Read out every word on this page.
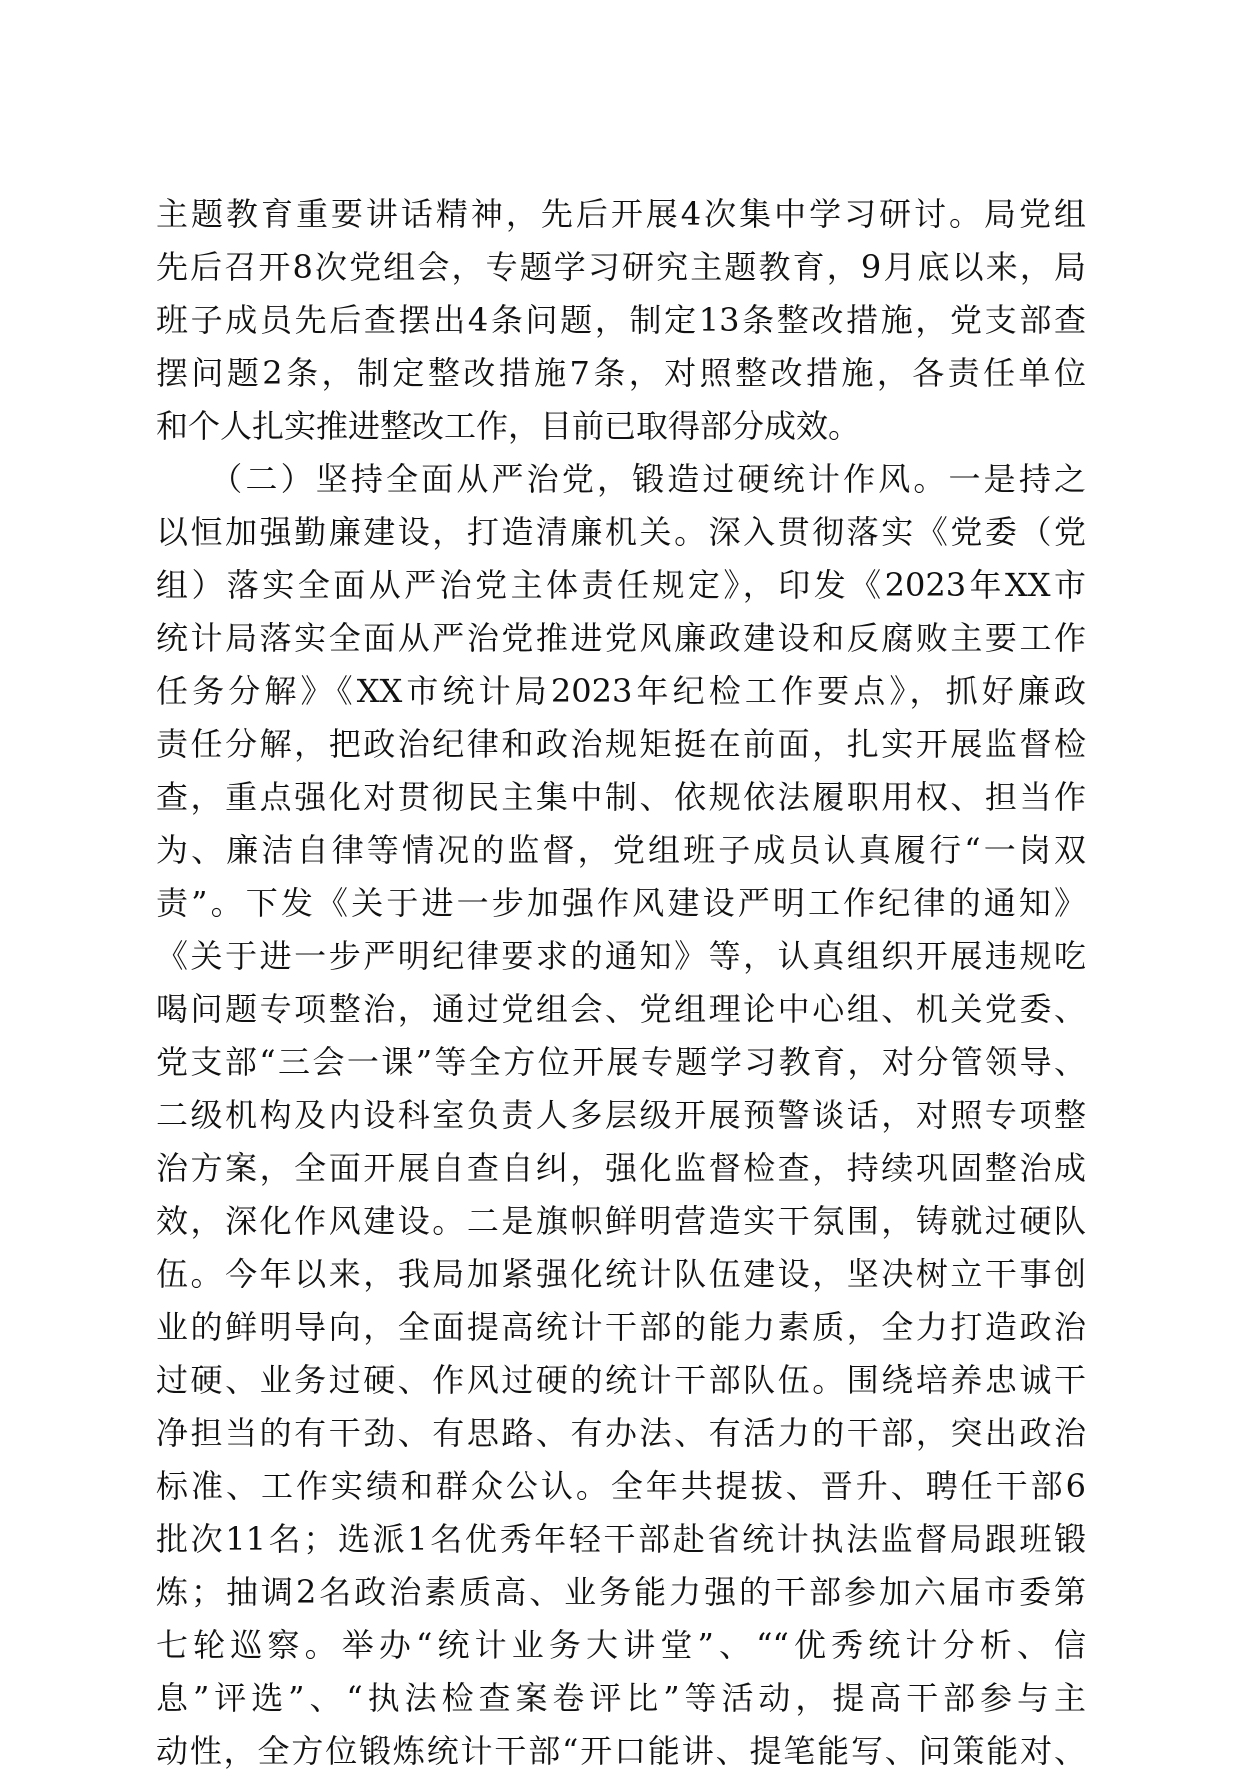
主题教育重要讲话精神，先后开展4次集中学习研讨。局党组
先后召开8次党组会，专题学习研究主题教育，9月底以来，局
班子成员先后查摆出4条问题，制定13条整改措施，党支部查
摆问题2条，制定整改措施7条，对照整改措施，各责任单位
和个人扎实推进整改工作，目前已取得部分成效。
　　（二）坚持全面从严治党，锻造过硬统计作风。一是持之
以恒加强勤廉建设，打造清廉机关。深入贯彻落实《党委（党
组）落实全面从严治党主体责任规定》，印发《2023年XX市
统计局落实全面从严治党推进党风廉政建设和反腐败主要工作
任务分解》《XX市统计局2023年纪检工作要点》，抓好廉政
责任分解，把政治纪律和政治规矩挺在前面，扎实开展监督检
查，重点强化对贯彻民主集中制、依规依法履职用权、担当作
为、廉洁自律等情况的监督，党组班子成员认真履行“一岗双
责”。下发《关于进一步加强作风建设严明工作纪律的通知》
《关于进一步严明纪律要求的通知》等，认真组织开展违规吃
喝问题专项整治，通过党组会、党组理论中心组、机关党委、
党支部“三会一课”等全方位开展专题学习教育，对分管领导、
二级机构及内设科室负责人多层级开展预警谈话，对照专项整
治方案，全面开展自查自纠，强化监督检查，持续巩固整治成
效，深化作风建设。二是旗帜鲜明营造实干氛围，铸就过硬队
伍。今年以来，我局加紧强化统计队伍建设，坚决树立干事创
业的鲜明导向，全面提高统计干部的能力素质，全力打造政治
过硬、业务过硬、作风过硬的统计干部队伍。围绕培养忠诚干
净担当的有干劲、有思路、有办法、有活力的干部，突出政治
标准、工作实绩和群众公认。全年共提拔、晋升、聘任干部6
批次11名；选派1名优秀年轻干部赴省统计执法监督局跟班锻
炼；抽调2名政治素质高、业务能力强的干部参加六届市委第
七轮巡察。举办“统计业务大讲堂”、““优秀统计分析、信
息”评选”、“执法检查案卷评比”等活动，提高干部参与主
动性，全方位锻炼统计干部“开口能讲、提笔能写、问策能对、
